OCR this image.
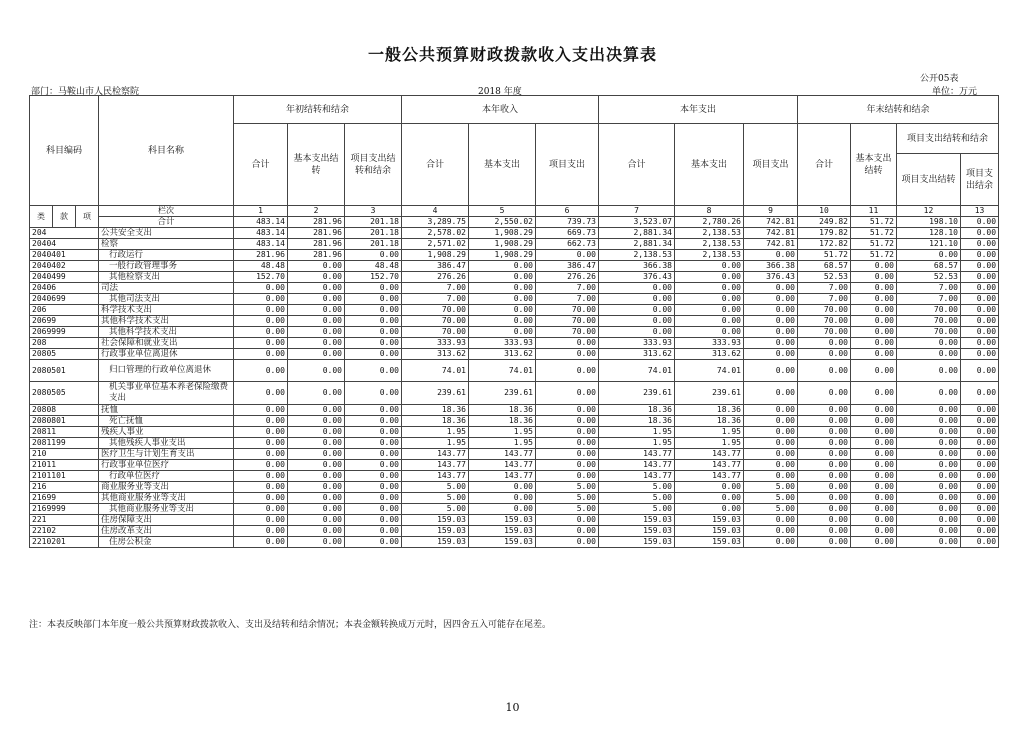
一般公共预算财政拨款收入支出决算表
公开05表
部门：马鞍山市人民检察院	2018 年度	单位：万元
科目编码			科目名称	年初结转和结余			本年收入			本年支出			年末结转和结余			
				合计	基本支出结转	项目支出结转和结余	合计	基本支出	项目支出	合计	基本支出	项目支出	合计	基本支出结转	项目支出结转和结余	
															项目支出结转	项目支出结余
类	款	项	栏次	1	2	3	4	5	6	7	8	9	10	11	12	13
			合计	483.14	281.96	201.18	3,289.75	2,550.02	739.73	3,523.07	2,780.26	742.81	249.82	51.72	198.10	0.00
204			公共安全支出	483.14	281.96	201.18	2,578.02	1,908.29	669.73	2,881.34	2,138.53	742.81	179.82	51.72	128.10	0.00
20404			检察	483.14	281.96	201.18	2,571.02	1,908.29	662.73	2,881.34	2,138.53	742.81	172.82	51.72	121.10	0.00
2040401			行政运行	281.96	281.96	0.00	1,908.29	1,908.29	0.00	2,138.53	2,138.53	0.00	51.72	51.72	0.00	0.00
2040402			一般行政管理事务	48.48	0.00	48.48	386.47	0.00	386.47	366.38	0.00	366.38	68.57	0.00	68.57	0.00
2040499			其他检察支出	152.70	0.00	152.70	276.26	0.00	276.26	376.43	0.00	376.43	52.53	0.00	52.53	0.00
20406			司法	0.00	0.00	0.00	7.00	0.00	7.00	0.00	0.00	0.00	7.00	0.00	7.00	0.00
2040699			其他司法支出	0.00	0.00	0.00	7.00	0.00	7.00	0.00	0.00	0.00	7.00	0.00	7.00	0.00
206			科学技术支出	0.00	0.00	0.00	70.00	0.00	70.00	0.00	0.00	0.00	70.00	0.00	70.00	0.00
20699			其他科学技术支出	0.00	0.00	0.00	70.00	0.00	70.00	0.00	0.00	0.00	70.00	0.00	70.00	0.00
2069999			其他科学技术支出	0.00	0.00	0.00	70.00	0.00	70.00	0.00	0.00	0.00	70.00	0.00	70.00	0.00
208			社会保障和就业支出	0.00	0.00	0.00	333.93	333.93	0.00	333.93	333.93	0.00	0.00	0.00	0.00	0.00
20805			行政事业单位离退休	0.00	0.00	0.00	313.62	313.62	0.00	313.62	313.62	0.00	0.00	0.00	0.00	0.00
2080501			归口管理的行政单位离退休	0.00	0.00	0.00	74.01	74.01	0.00	74.01	74.01	0.00	0.00	0.00	0.00	0.00
2080505			机关事业单位基本养老保险缴费支出	0.00	0.00	0.00	239.61	239.61	0.00	239.61	239.61	0.00	0.00	0.00	0.00	0.00
20808			抚恤	0.00	0.00	0.00	18.36	18.36	0.00	18.36	18.36	0.00	0.00	0.00	0.00	0.00
2080801			死亡抚恤	0.00	0.00	0.00	18.36	18.36	0.00	18.36	18.36	0.00	0.00	0.00	0.00	0.00
20811			残疾人事业	0.00	0.00	0.00	1.95	1.95	0.00	1.95	1.95	0.00	0.00	0.00	0.00	0.00
2081199			其他残疾人事业支出	0.00	0.00	0.00	1.95	1.95	0.00	1.95	1.95	0.00	0.00	0.00	0.00	0.00
210			医疗卫生与计划生育支出	0.00	0.00	0.00	143.77	143.77	0.00	143.77	143.77	0.00	0.00	0.00	0.00	0.00
21011			行政事业单位医疗	0.00	0.00	0.00	143.77	143.77	0.00	143.77	143.77	0.00	0.00	0.00	0.00	0.00
2101101			行政单位医疗	0.00	0.00	0.00	143.77	143.77	0.00	143.77	143.77	0.00	0.00	0.00	0.00	0.00
216			商业服务业等支出	0.00	0.00	0.00	5.00	0.00	5.00	5.00	0.00	5.00	0.00	0.00	0.00	0.00
21699			其他商业服务业等支出	0.00	0.00	0.00	5.00	0.00	5.00	5.00	0.00	5.00	0.00	0.00	0.00	0.00
2169999			其他商业服务业等支出	0.00	0.00	0.00	5.00	0.00	5.00	5.00	0.00	5.00	0.00	0.00	0.00	0.00
221			住房保障支出	0.00	0.00	0.00	159.03	159.03	0.00	159.03	159.03	0.00	0.00	0.00	0.00	0.00
22102			住房改革支出	0.00	0.00	0.00	159.03	159.03	0.00	159.03	159.03	0.00	0.00	0.00	0.00	0.00
2210201			住房公积金	0.00	0.00	0.00	159.03	159.03	0.00	159.03	159.03	0.00	0.00	0.00	0.00	0.00
注：本表反映部门本年度一般公共预算财政拨款收入、支出及结转和结余情况；本表金额转换成万元时，因四舍五入可能存在尾差。
10
